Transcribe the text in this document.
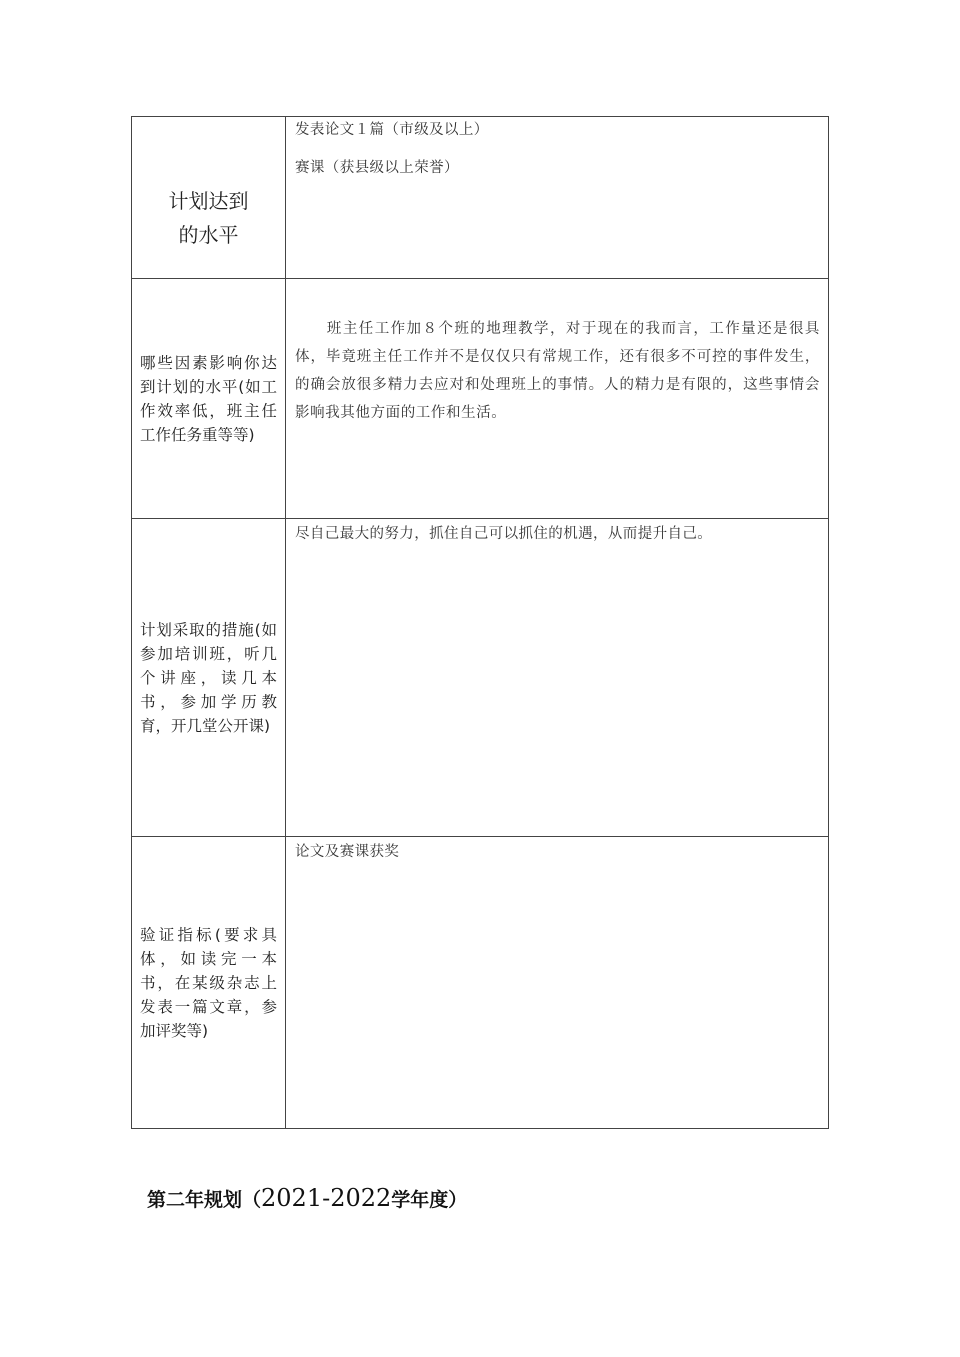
计划达到
的水平	发表论文１篇（市级及以上）
赛课（获县级以上荣誉）

哪些因素影响你达到计划的水平(如工作效率低，班主任工作任务重等等)	班主任工作加８个班的地理教学，对于现在的我而言，工作量还是很具体，毕竟班主任工作并不是仅仅只有常规工作，还有很多不可控的事件发生，的确会放很多精力去应对和处理班上的事情。人的精力是有限的，这些事情会影响我其他方面的工作和生活。

计划采取的措施(如参加培训班，听几个讲座，读几本书，参加学历教育，开几堂公开课)	尽自己最大的努力，抓住自己可以抓住的机遇，从而提升自己。

验证指标(要求具体，如读完一本书，在某级杂志上发表一篇文章，参加评奖等)	论文及赛课获奖
第二年规划（2021-2022学年度）
